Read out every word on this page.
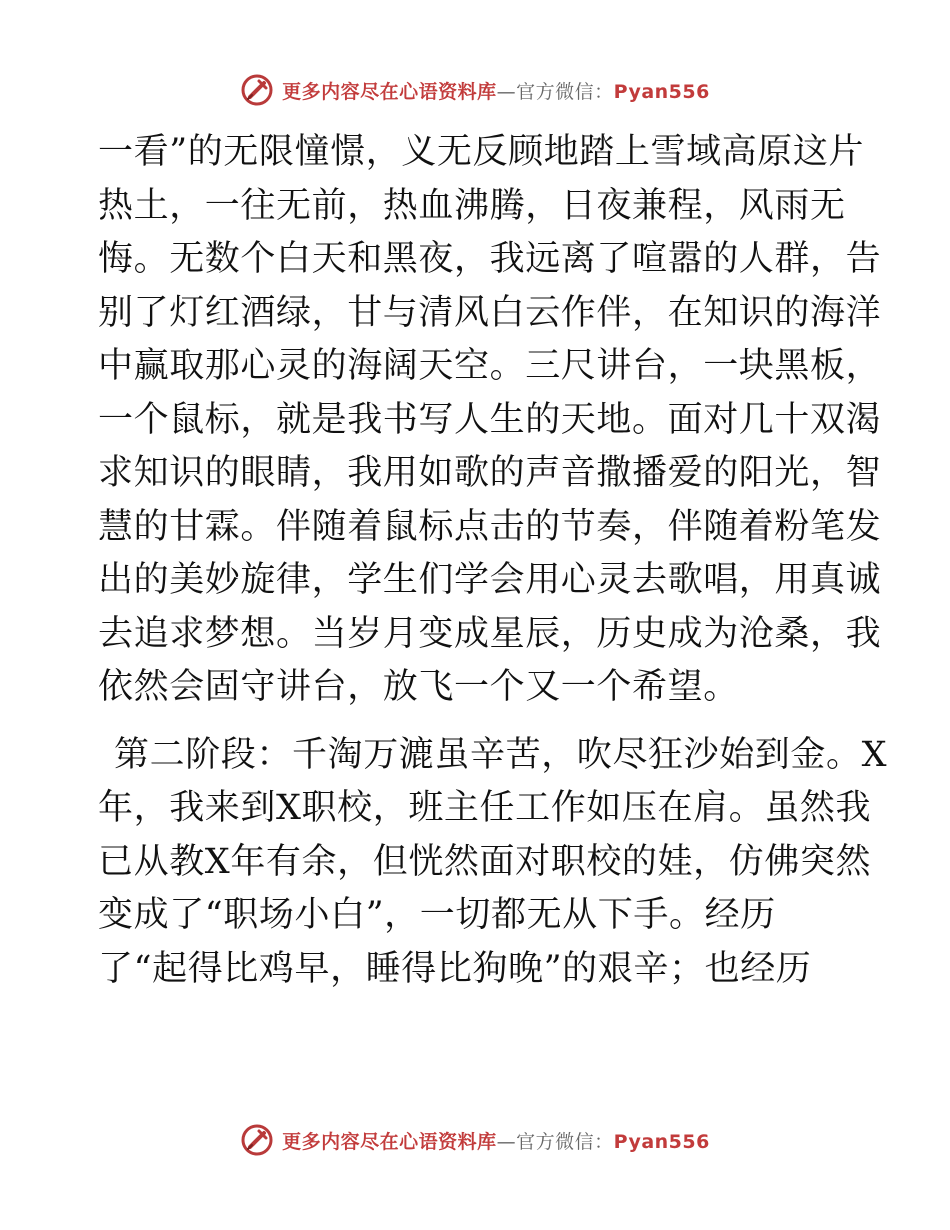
更多内容尽在心语资料库—官方微信：Pyan556
一看”的无限憧憬，义无反顾地踏上雪域高原这片
热土，一往无前，热血沸腾，日夜兼程，风雨无
悔。无数个白天和黑夜，我远离了喧嚣的人群，告
别了灯红酒绿，甘与清风白云作伴，在知识的海洋
中赢取那心灵的海阔天空。三尺讲台，一块黑板，
一个鼠标，就是我书写人生的天地。面对几十双渴
求知识的眼睛，我用如歌的声音撒播爱的阳光，智
慧的甘霖。伴随着鼠标点击的节奏，伴随着粉笔发
出的美妙旋律，学生们学会用心灵去歌唱，用真诚
去追求梦想。当岁月变成星辰，历史成为沧桑，我
依然会固守讲台，放飞一个又一个希望。
第二阶段：千淘万漉虽辛苦，吹尽狂沙始到金。X
年，我来到X职校，班主任工作如压在肩。虽然我
已从教X年有余，但恍然面对职校的娃，仿佛突然
变成了“职场小白”，一切都无从下手。经历
了“起得比鸡早，睡得比狗晚”的艰辛；也经历
更多内容尽在心语资料库—官方微信：Pyan556
